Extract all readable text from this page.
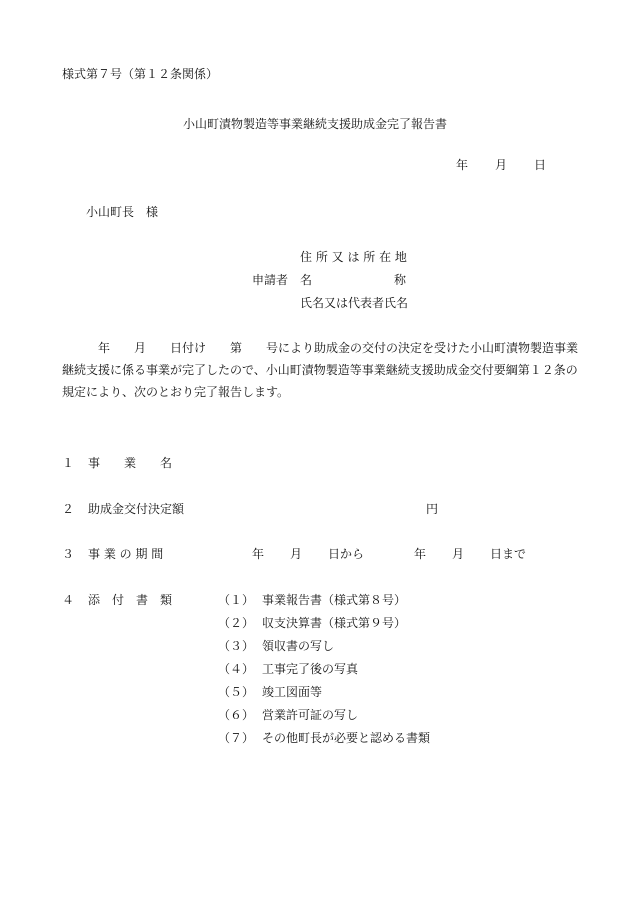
様式第７号（第１２条関係）
小山町漬物製造等事業継続支援助成金完了報告書
年 月 日
小山町長　様
住 所 又 は 所 在 地
申請者 名	称
氏名又は代表者氏名
　　　年　　月　　日付け　　第　　号により助成金の交付の決定を受けた小山町漬物製造事業継続支援に係る事業が完了したので、小山町漬物製造等事業継続支援助成金交付要綱第１２条の規定により、次のとおり完了報告します。
１ 事　　業　　名
２ 助成金交付決定額	円
３ 事 業 の 期 間	年 月 日から	年 月 日まで
４ 添　付　書　類	（１） 事業報告書（様式第８号）
（２） 収支決算書（様式第９号）
（３） 領収書の写し
（４） 工事完了後の写真
（５） 竣工図面等
（６） 営業許可証の写し
（７） その他町長が必要と認める書類
